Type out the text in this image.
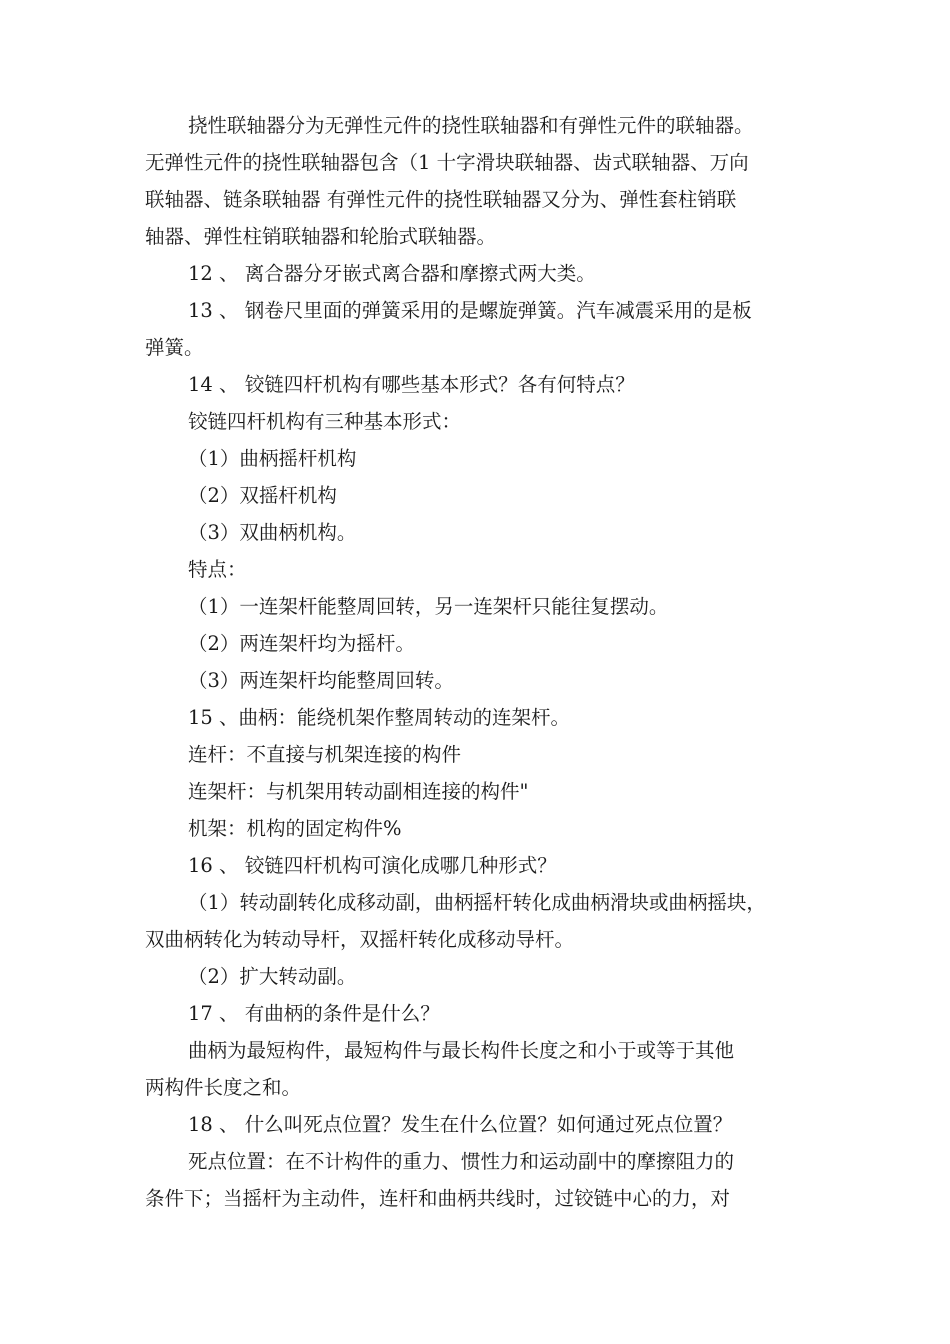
挠性联轴器分为无弹性元件的挠性联轴器和有弹性元件的联轴器。
无弹性元件的挠性联轴器包含（1 十字滑块联轴器、齿式联轴器、万向
联轴器、链条联轴器 有弹性元件的挠性联轴器又分为、弹性套柱销联
轴器、弹性柱销联轴器和轮胎式联轴器。
12 、 离合器分牙嵌式离合器和摩擦式两大类。
13 、 钢卷尺里面的弹簧采用的是螺旋弹簧。汽车减震采用的是板
弹簧。
14 、 铰链四杆机构有哪些基本形式？各有何特点？
铰链四杆机构有三种基本形式：
（1）曲柄摇杆机构
（2）双摇杆机构
（3）双曲柄机构。
特点：
（1）一连架杆能整周回转，另一连架杆只能往复摆动。
（2）两连架杆均为摇杆。
（3）两连架杆均能整周回转。
15 、曲柄：能绕机架作整周转动的连架杆。
连杆：不直接与机架连接的构件
连架杆：与机架用转动副相连接的构件"
机架：机构的固定构件%
16 、 铰链四杆机构可演化成哪几种形式？
（1）转动副转化成移动副，曲柄摇杆转化成曲柄滑块或曲柄摇块，
双曲柄转化为转动导杆，双摇杆转化成移动导杆。
（2）扩大转动副。
17 、 有曲柄的条件是什么？
曲柄为最短构件，最短构件与最长构件长度之和小于或等于其他
两构件长度之和。
18 、 什么叫死点位置？发生在什么位置？如何通过死点位置？
死点位置：在不计构件的重力、惯性力和运动副中的摩擦阻力的
条件下；当摇杆为主动件，连杆和曲柄共线时，过铰链中心的力，对
